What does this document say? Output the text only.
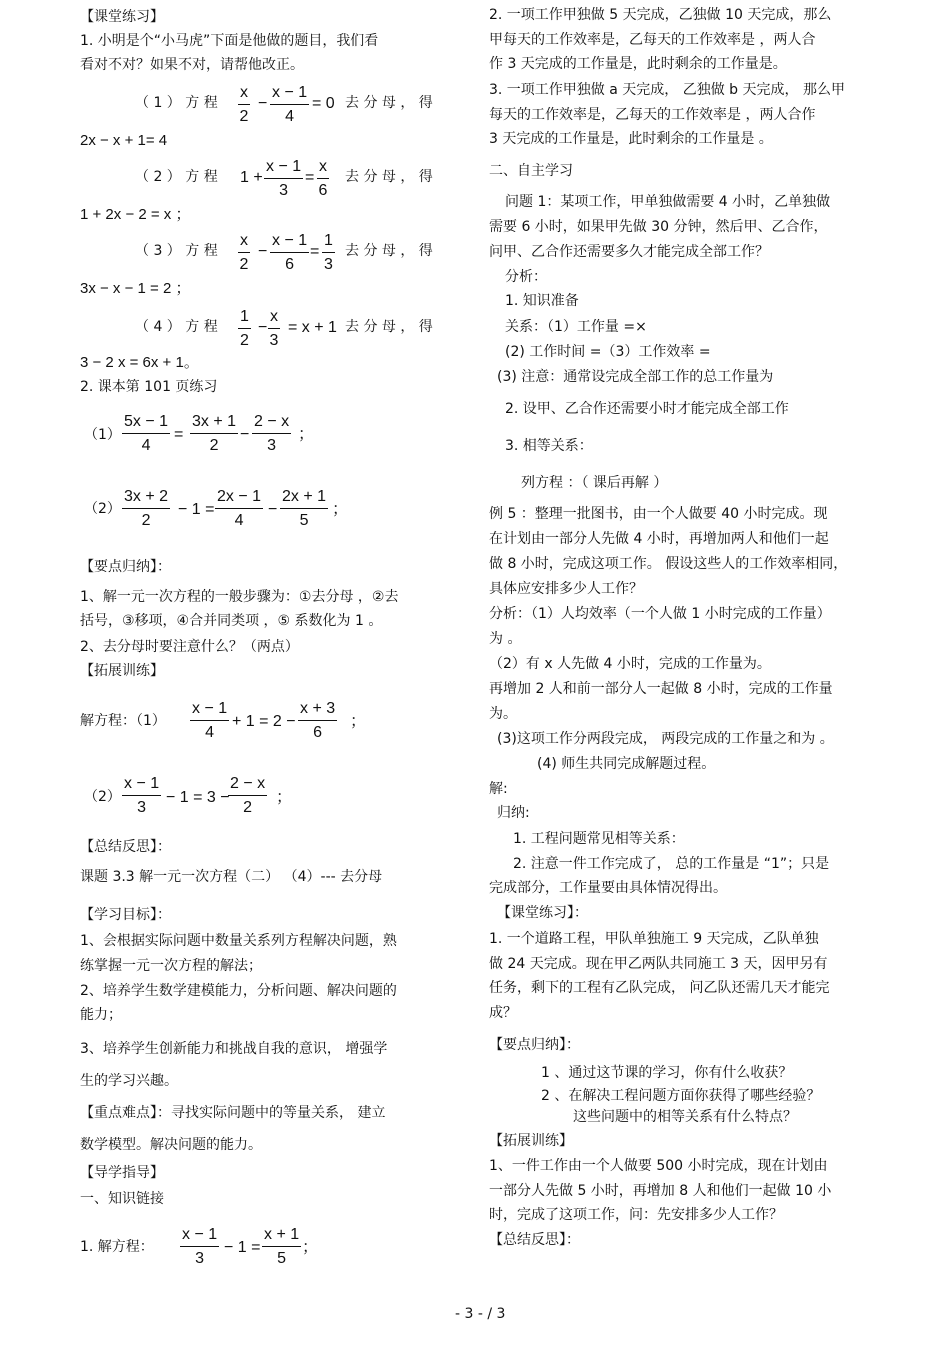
【课堂练习】
1. 小明是个“小马虎”下面是他做的题目，我们看
看对不对？如果不对，请帮他改正。
（ 1 ） 方 程 $\frac{x}{2} - \frac{x - 1}{4} = 0$ 去 分 母 ， 得
2x − x + 1= 4
（ 2 ） 方 程 $1 + \frac{x - 1}{3} = \frac{x}{6}$ 去 分 母 ， 得
1 + 2x − 2 = x ；
（ 3 ） 方 程 $\frac{x}{2} - \frac{x - 1}{6} = \frac{1}{3}$ 去 分 母 ， 得
3x − x − 1 = 2 ；
（ 4 ） 方 程 $\frac{1}{2} - \frac{x}{3} = x + 1$ 去 分 母 ， 得
3 − 2 x = 6x + 1。
2. 课本第 101 页练习
$(1) \frac{5x - 1}{4} = \frac{3x + 1}{2} - \frac{2 - x}{3}$ ；
$(2) \frac{3x + 2}{2} - 1 = \frac{2x - 1}{4} - \frac{2x + 1}{5}$ ；
【要点归纳】：
1、解一元一次方程的一般步骤为：①去分母 ，②去
括号，③移项，④合并同类项 ，⑤ 系数化为 1 。
2、去分母时要注意什么？（两点）
【拓展训练】
解方程：$(1) \frac{x - 1}{4} + 1 = 2 - \frac{x + 3}{6}$ ；
$(2) \frac{x - 1}{3} - 1 = 3$ −
$\frac{2 - x}{2}$ ；
【总结反思】：
课题 3.3 解一元一次方程（二） （4）--- 去分母
【学习目标】：
1、会根据实际问题中数量关系列方程解决问题，熟
练掌握一元一次方程的解法；
2、培养学生数学建模能力，分析问题、解决问题的
能力；
3、培养学生创新能力和挑战自我的意识， 增强学
生的学习兴趣。
【重点难点】：寻找实际问题中的等量关系， 建立
数学模型。解决问题的能力。
【导学指导】
一、知识链接
1. 解方程： $\frac{x - 1}{3} - 1 = \frac{x + 1}{5}$ ；
2. 一项工作甲独做 5 天完成，乙独做 10 天完成，那么
甲每天的工作效率是，乙每天的工作效率是 ，两人合
作 3 天完成的工作量是，此时剩余的工作量是。
3. 一项工作甲独做 a 天完成， 乙独做 b 天完成， 那么甲
每天的工作效率是，乙每天的工作效率是 ，两人合作
3 天完成的工作量是，此时剩余的工作量是 。
二、自主学习
问题 1：某项工作，甲单独做需要 4 小时，乙单独做
需要 6 小时，如果甲先做 30 分钟，然后甲、乙合作，
问甲、乙合作还需要多久才能完成全部工作？
分析：
1. 知识准备
关系：（1）工作量 =×
(2) 工作时间 =（3）工作效率 =
(3) 注意：通常设完成全部工作的总工作量为
2. 设甲、乙合作还需要小时才能完成全部工作
3. 相等关系：
列方程 ：（ 课后再解 ）
例 5 ：整理一批图书，由一个人做要 40 小时完成。现
在计划由一部分人先做 4 小时，再增加两人和他们一起
做 8 小时，完成这项工作。 假设这些人的工作效率相同，
具体应安排多少人工作？
分析：（1）人均效率（一个人做 1 小时完成的工作量）
为 。
（2）有 x 人先做 4 小时，完成的工作量为。
再增加 2 人和前一部分人一起做 8 小时，完成的工作量
为。
(3)这项工作分两段完成， 两段完成的工作量之和为 。
(4) 师生共同完成解题过程。
解:
归纳:
1. 工程问题常见相等关系：
2. 注意一件工作完成了， 总的工作量是 “1”；只是
完成部分，工作量要由具体情况得出。
【课堂练习】：
1. 一个道路工程，甲队单独施工 9 天完成，乙队单独
做 24 天完成。现在甲乙两队共同施工 3 天，因甲另有
任务，剩下的工程有乙队完成， 问乙队还需几天才能完
成？
【要点归纳】：
1 、通过这节课的学习，你有什么收获？
2 、在解决工程问题方面你获得了哪些经验？
这些问题中的相等关系有什么特点？
【拓展训练】
1、一件工作由一个人做要 500 小时完成，现在计划由
一部分人先做 5 小时，再增加 8 人和他们一起做 10 小
时，完成了这项工作，问：先安排多少人工作？
【总结反思】：
- 3 - / 3
